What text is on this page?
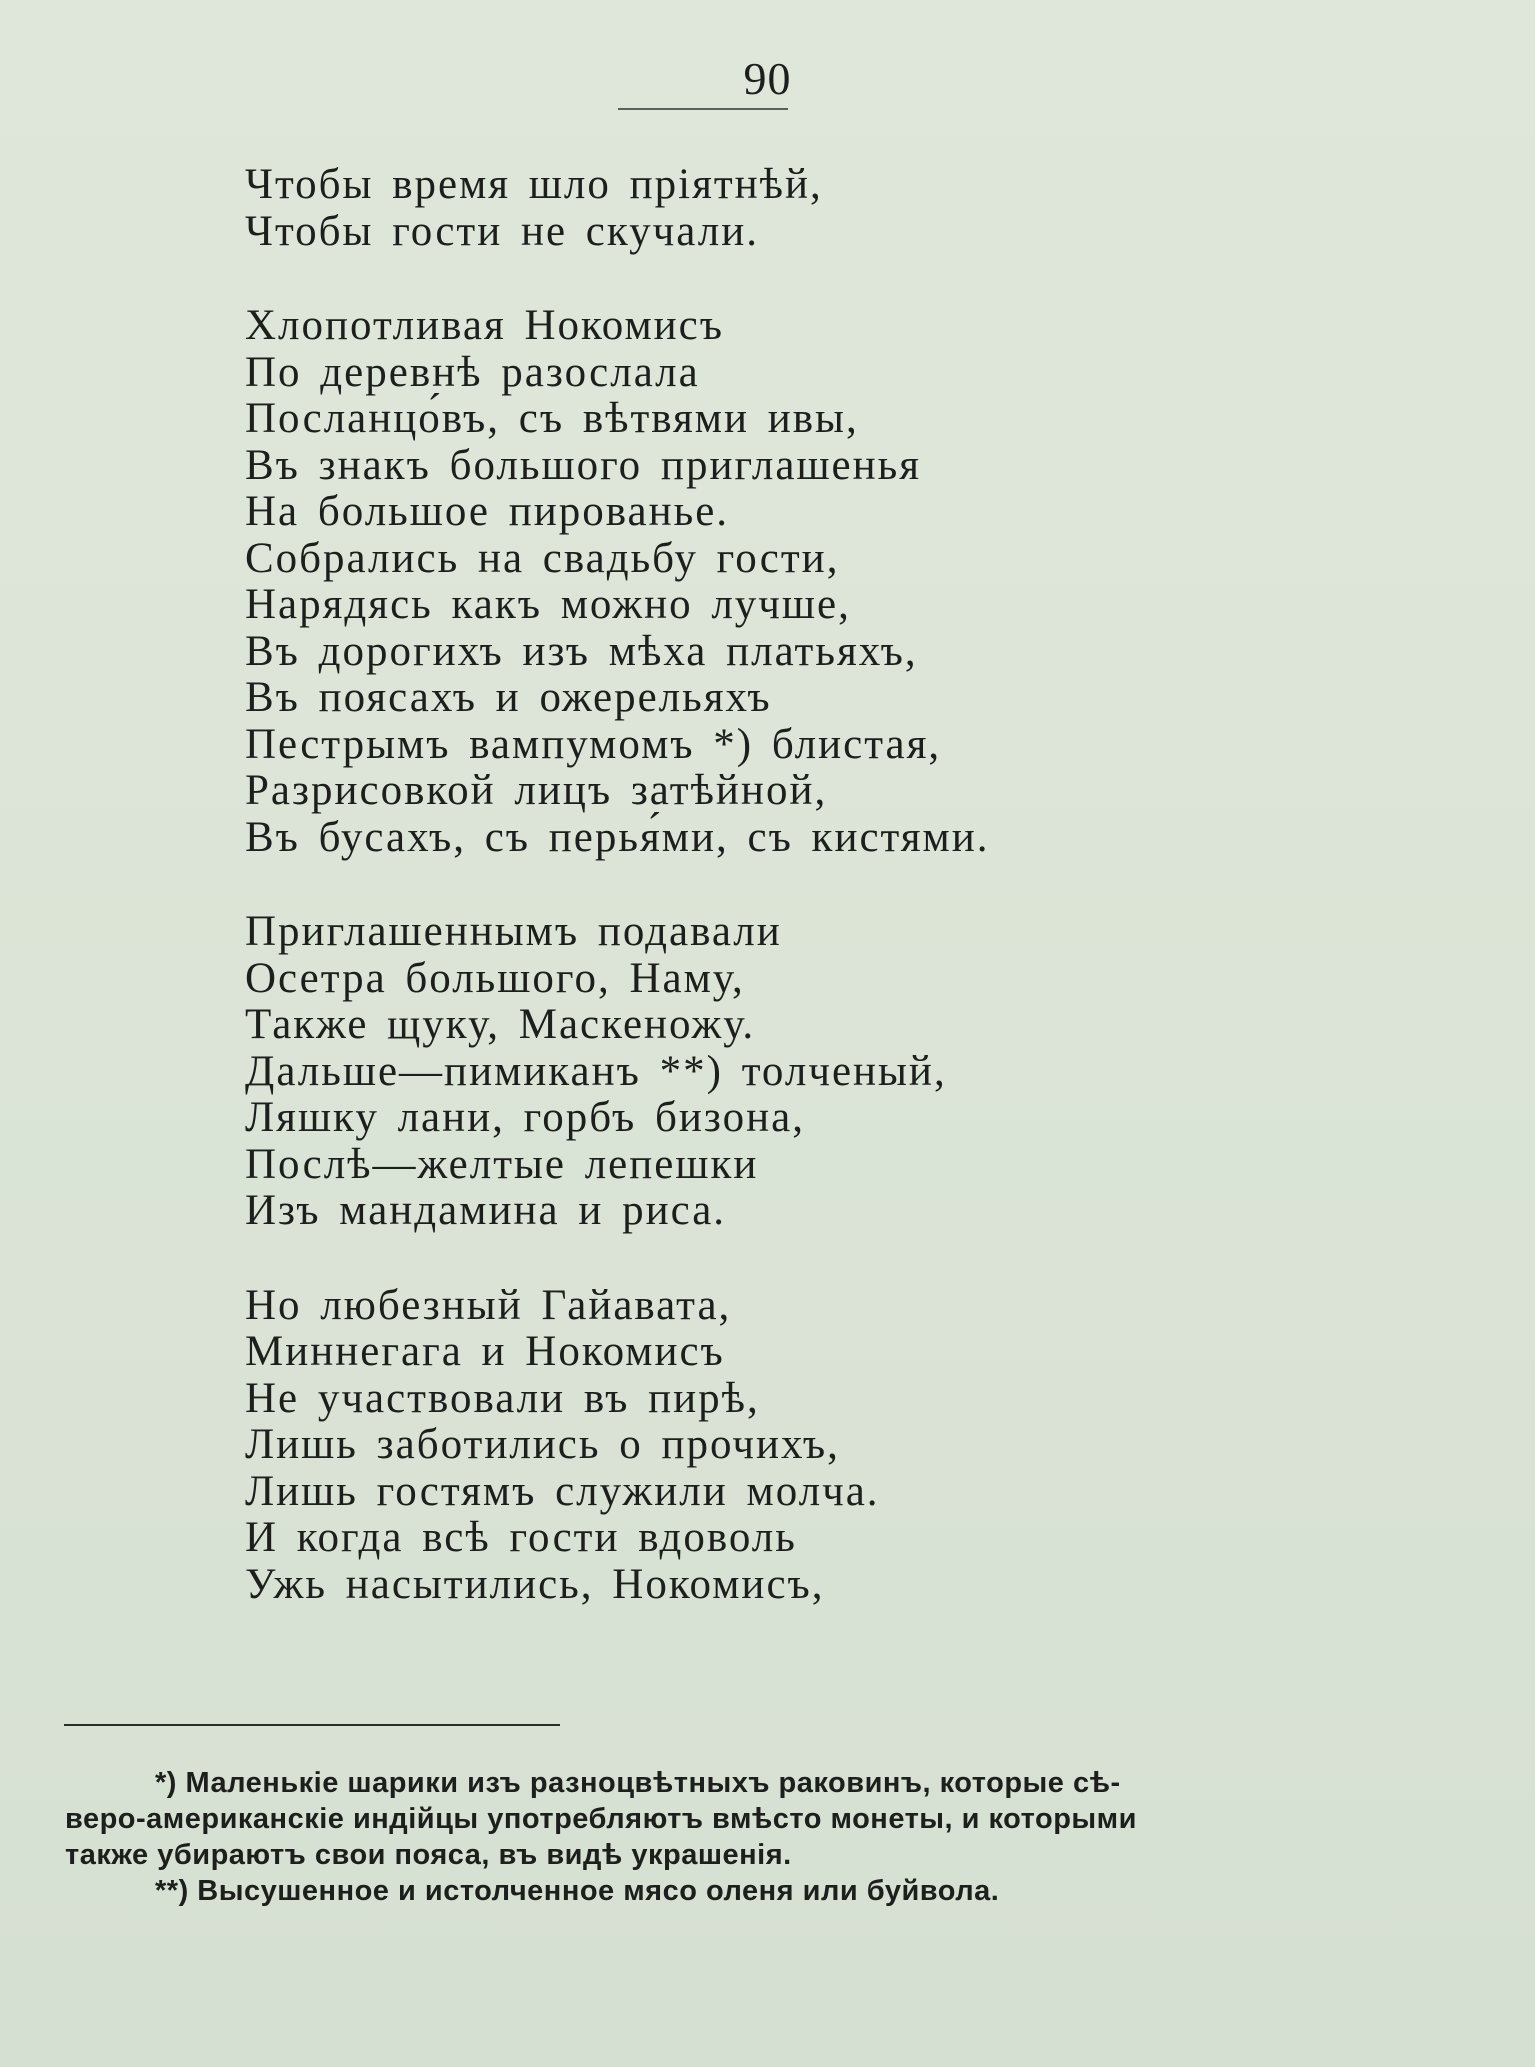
90
Чтобы время шло пріятнѣй,
Чтобы гости не скучали.
Хлопотливая Нокомисъ
По деревнѣ разослала
Посланцо́въ, съ вѣтвями ивы,
Въ знакъ большого приглашенья
На большое пированье.
Собрались на свадьбу гости,
Нарядясь какъ можно лучше,
Въ дорогихъ изъ мѣха платьяхъ,
Въ поясахъ и ожерельяхъ
Пестрымъ вампумомъ *) блистая,
Разрисовкой лицъ затѣйной,
Въ бусахъ, съ перья́ми, съ кистями.
Приглашеннымъ подавали
Осетра большого, Наму,
Также щуку, Маскеножу.
Дальше—пимиканъ **) толченый,
Ляшку лани, горбъ бизона,
Послѣ—желтые лепешки
Изъ мандамина и риса.
Но любезный Гайавата,
Миннегага и Нокомисъ
Не участвовали въ пирѣ,
Лишь заботились о прочихъ,
Лишь гостямъ служили молча.
И когда всѣ гости вдоволь
Ужь насытились, Нокомисъ,
*) Маленькіе шарики изъ разноцвѣтныхъ раковинъ, которые сѣ-
веро-американскіе индійцы употребляютъ вмѣсто монеты, и которыми
также убираютъ свои пояса, въ видѣ украшенія.
**) Высушенное и истолченное мясо оленя или буйвола.
